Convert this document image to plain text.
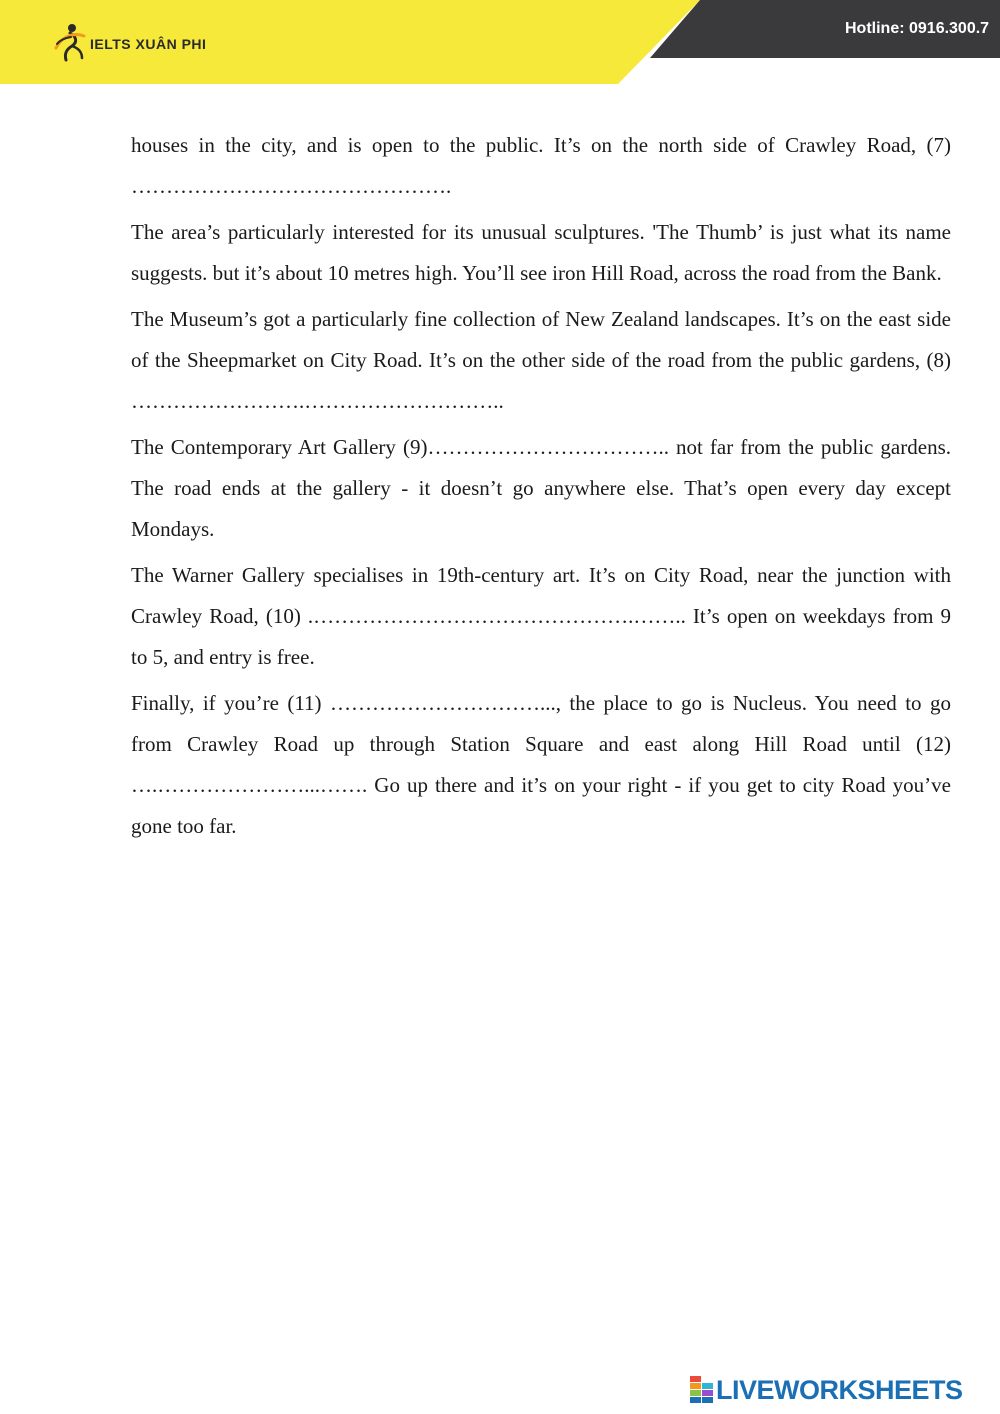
IELTS XUÂN PHI
Hotline: 0916.300.7

houses in the city, and is open to the public. It’s on the north side of Crawley Road, (7) ……………………………………….

The area’s particularly interested for its unusual sculptures. 'The Thumb’ is just what its name suggests. but it’s about 10 metres high. You’ll see iron Hill Road, across the road from the Bank.

The Museum’s got a particularly fine collection of New Zealand landscapes. It’s on the east side of the Sheepmarket on City Road. It’s on the other side of the road from the public gardens, (8) …………………….………………………..

The Contemporary Art Gallery (9)…………………………….. not far from the public gardens. The road ends at the gallery - it doesn’t go anywhere else. That’s open every day except Mondays.

The Warner Gallery specialises in 19th-century art. It’s on City Road, near the junction with Crawley Road, (10) .……………………………………….…….. It’s open on weekdays from 9 to 5, and entry is free.

Finally, if you’re (11) …………………………..., the place to go is Nucleus. You need to go from Crawley Road up through Station Square and east along Hill Road until (12) ….…………………...……. Go up there and it’s on your right - if you get to city Road you’ve gone too far.

LIVEWORKSHEETS
